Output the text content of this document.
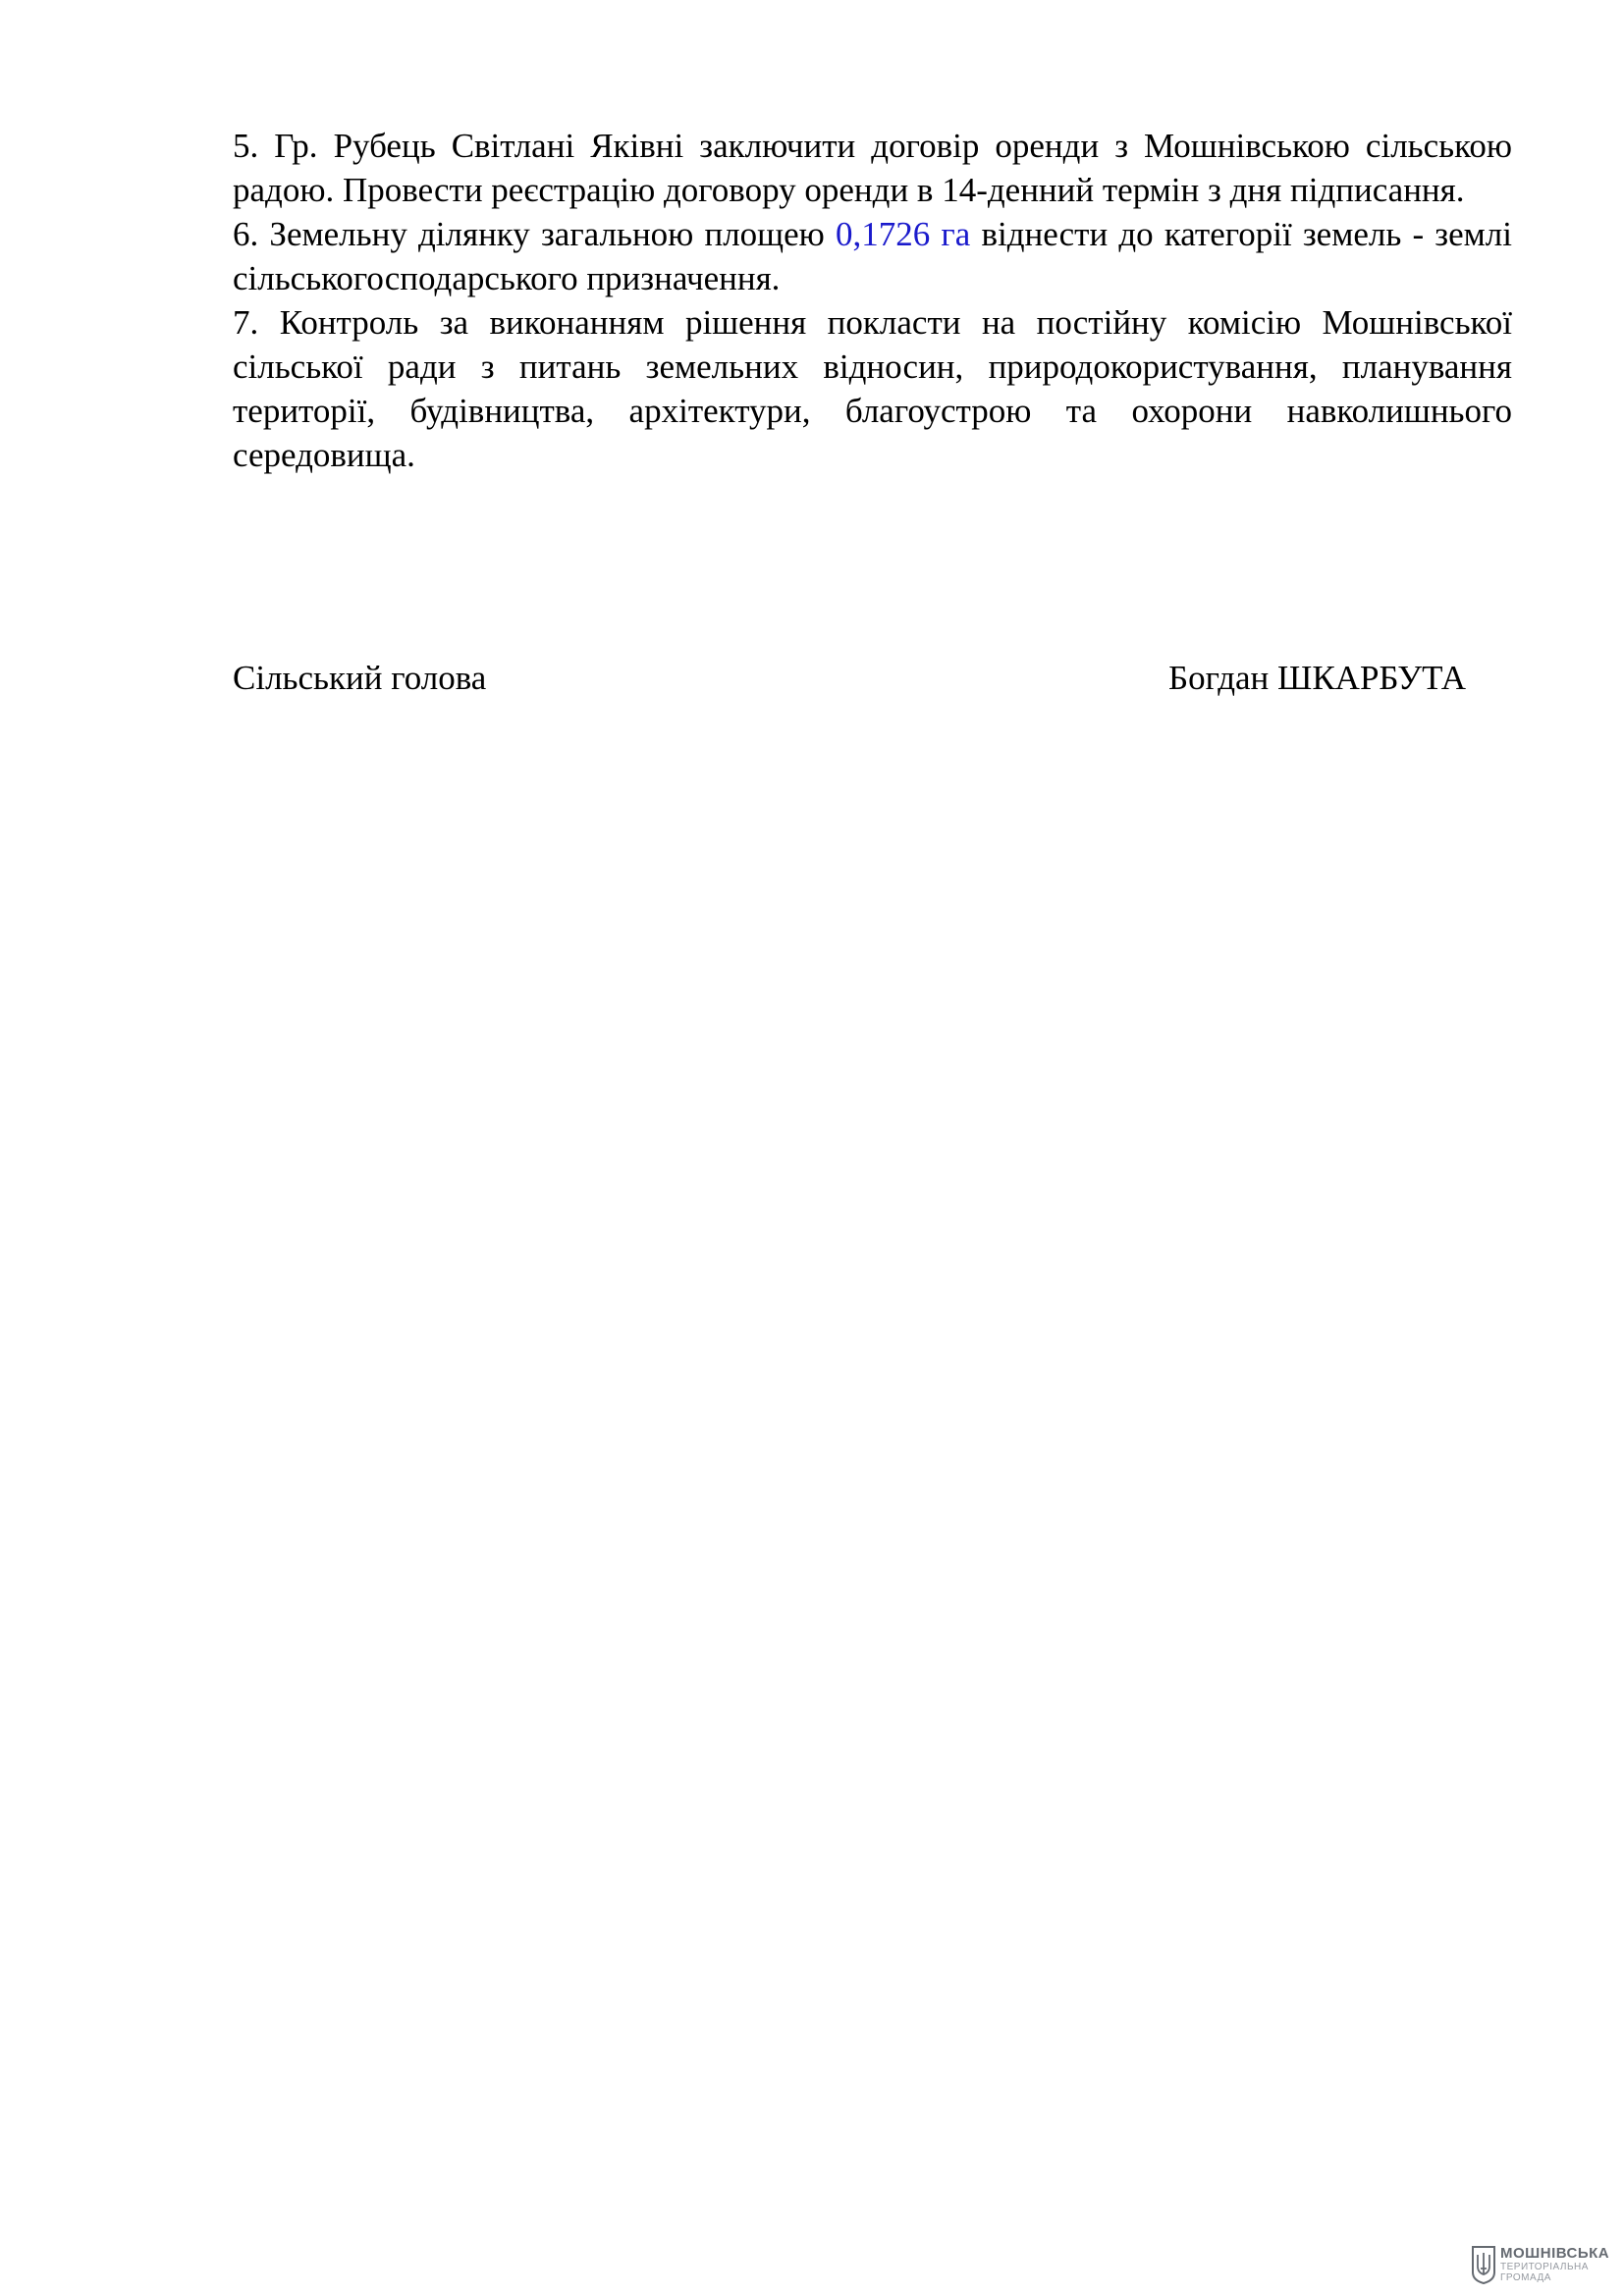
5. Гр. Рубець Світлані Яківні заключити договір оренди з Мошнівською сільською радою. Провести реєстрацію договору оренди в 14-денний термін з дня підписання.

6. Земельну ділянку загальною площею 0,1726 га віднести до категорії земель - землі сільськогосподарського призначення.

7. Контроль за виконанням рішення покласти на постійну комісію Мошнівської сільської ради з питань земельних відносин, природокористування, планування території, будівництва, архітектури, благоустрою та охорони навколишнього середовища.

Сільський голова	Богдан ШКАРБУТА
МОШНІВСЬКА
ТЕРИТОРІАЛЬНА
ГРОМАДА
